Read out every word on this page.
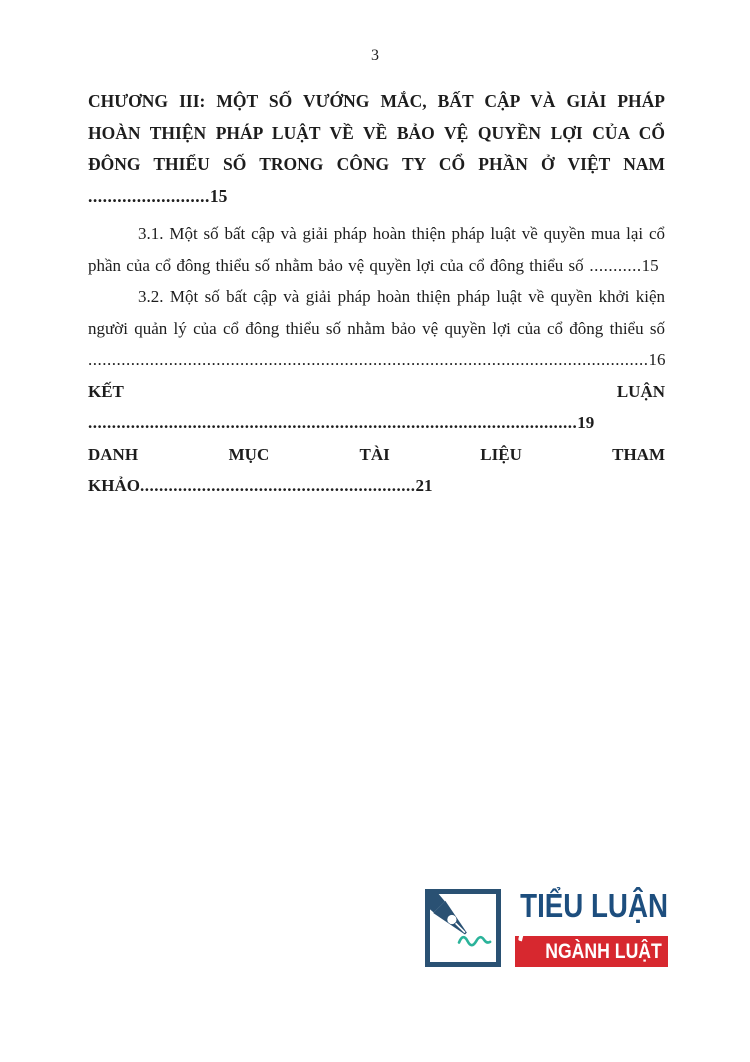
3

CHƯƠNG III: MỘT SỐ VƯỚNG MẮC, BẤT CẬP VÀ GIẢI PHÁP HOÀN THIỆN PHÁP LUẬT VỀ VỀ BẢO VỆ QUYỀN LỢI CỦA CỔ ĐÔNG THIỂU SỐ TRONG CÔNG TY CỔ PHẦN Ở VIỆT NAM .........................15

3.1. Một số bất cập và giải pháp hoàn thiện pháp luật về quyền mua lại cổ phần của cổ đông thiểu số nhằm bảo vệ quyền lợi của cổ đông thiểu số ...........15

3.2. Một số bất cập và giải pháp hoàn thiện pháp luật về quyền khởi kiện người quản lý của cổ đông thiểu số nhằm bảo vệ quyền lợi của cổ đông thiểu số ......................................................................................................................16

KẾT LUẬN .......................................................................................................19

DANH MỤC TÀI LIỆU THAM KHẢO..........................................................21

TIỂU LUẬN
NGÀNH LUẬT
